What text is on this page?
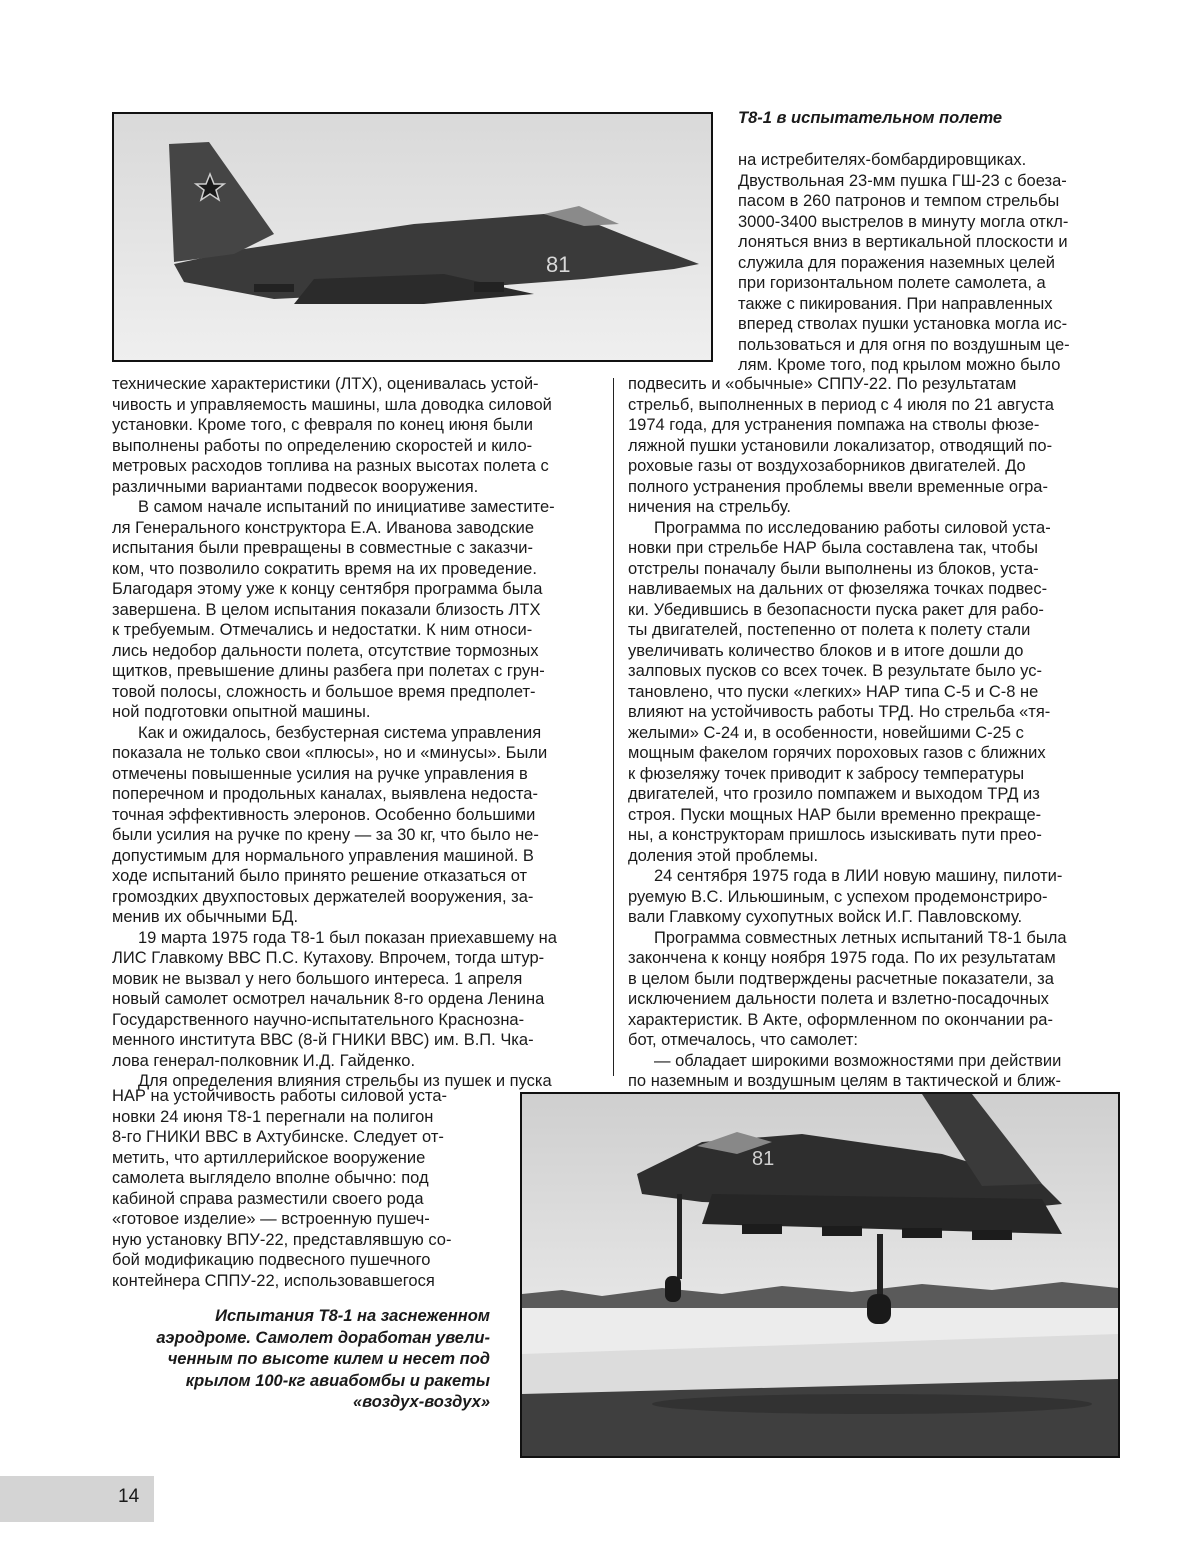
81
Т8-1 в испытательном полете

на истребителях-бомбардировщиках.

Двуствольная 23-мм пушка ГШ-23 с боеза-

пасом в 260 патронов и темпом стрельбы

3000-3400 выстрелов в минуту могла откл-

лоняться вниз в вертикальной плоскости и

служила для поражения наземных целей

при горизонтальном полете самолета, а

также с пикирования. При направленных

вперед стволах пушки установка могла ис-

пользоваться и для огня по воздушным це-

лям. Кроме того, под крылом можно было

технические характеристики (ЛТХ), оценивалась устой-

чивость и управляемость машины, шла доводка силовой

установки. Кроме того, с февраля по конец июня были

выполнены работы по определению скоростей и кило-

метровых расходов топлива на разных высотах полета с

различными вариантами подвесок вооружения.

В самом начале испытаний по инициативе заместите-

ля Генерального конструктора Е.А. Иванова заводские

испытания были превращены в совместные с заказчи-

ком, что позволило сократить время на их проведение.

Благодаря этому уже к концу сентября программа была

завершена. В целом испытания показали близость ЛТХ

к требуемым. Отмечались и недостатки. К ним относи-

лись недобор дальности полета, отсутствие тормозных

щитков, превышение длины разбега при полетах с грун-

товой полосы, сложность и большое время предполет-

ной подготовки опытной машины.

Как и ожидалось, безбустерная система управления

показала не только свои «плюсы», но и «минусы». Были

отмечены повышенные усилия на ручке управления в

поперечном и продольных каналах, выявлена недоста-

точная эффективность элеронов. Особенно большими

были усилия на ручке по крену — за 30 кг, что было не-

допустимым для нормального управления машиной. В

ходе испытаний было принято решение отказаться от

громоздких двухпостовых держателей вооружения, за-

менив их обычными БД.

19 марта 1975 года Т8-1 был показан приехавшему на

ЛИС Главкому ВВС П.С. Кутахову. Впрочем, тогда штур-

мовик не вызвал у него большого интереса. 1 апреля

новый самолет осмотрел начальник 8-го ордена Ленина

Государственного научно-испытательного Краснозна-

менного института ВВС (8-й ГНИКИ ВВС) им. В.П. Чка-

лова генерал-полковник И.Д. Гайденко.

Для определения влияния стрельбы из пушек и пуска

НАР на устойчивость работы силовой уста-

новки 24 июня Т8-1 перегнали на полигон

8-го ГНИКИ ВВС в Ахтубинске. Следует от-

метить, что артиллерийское вооружение

самолета выглядело вполне обычно: под

кабиной справа разместили своего рода

«готовое изделие» — встроенную пушеч-

ную установку ВПУ-22, представлявшую со-

бой модификацию подвесного пушечного

контейнера СППУ-22, использовавшегося

Испытания Т8-1 на заснеженном
аэродроме. Самолет доработан увели-
ченным по высоте килем и несет под
крылом 100-кг авиабомбы и ракеты
«воздух-воздух»

подвесить и «обычные» СППУ-22. По результатам

стрельб, выполненных в период с 4 июля по 21 августа

1974 года, для устранения помпажа на стволы фюзе-

ляжной пушки установили локализатор, отводящий по-

роховые газы от воздухозаборников двигателей. До

полного устранения проблемы ввели временные огра-

ничения на стрельбу.

Программа по исследованию работы силовой уста-

новки при стрельбе НАР была составлена так, чтобы

отстрелы поначалу были выполнены из блоков, уста-

навливаемых на дальних от фюзеляжа точках подвес-

ки. Убедившись в безопасности пуска ракет для рабо-

ты двигателей, постепенно от полета к полету стали

увеличивать количество блоков и в итоге дошли до

залповых пусков со всех точек. В результате было ус-

тановлено, что пуски «легких» НАР типа С-5 и С-8 не

влияют на устойчивость работы ТРД. Но стрельба «тя-

желыми» С-24 и, в особенности, новейшими С-25 с

мощным факелом горячих пороховых газов с ближних

к фюзеляжу точек приводит к забросу температуры

двигателей, что грозило помпажем и выходом ТРД из

строя. Пуски мощных НАР были временно прекраще-

ны, а конструкторам пришлось изыскивать пути прео-

доления этой проблемы.

24 сентября 1975 года в ЛИИ новую машину, пилоти-

руемую В.С. Ильюшиным, с успехом продемонстриро-

вали Главкому сухопутных войск И.Г. Павловскому.

Программа совместных летных испытаний Т8-1 была

закончена к концу ноября 1975 года. По их результатам

в целом были подтверждены расчетные показатели, за

исключением дальности полета и взлетно-посадочных

характеристик. В Акте, оформленном по окончании ра-

бот, отмечалось, что самолет:

— обладает широкими возможностями при действии

по наземным и воздушным целям в тактической и ближ-

81
14
